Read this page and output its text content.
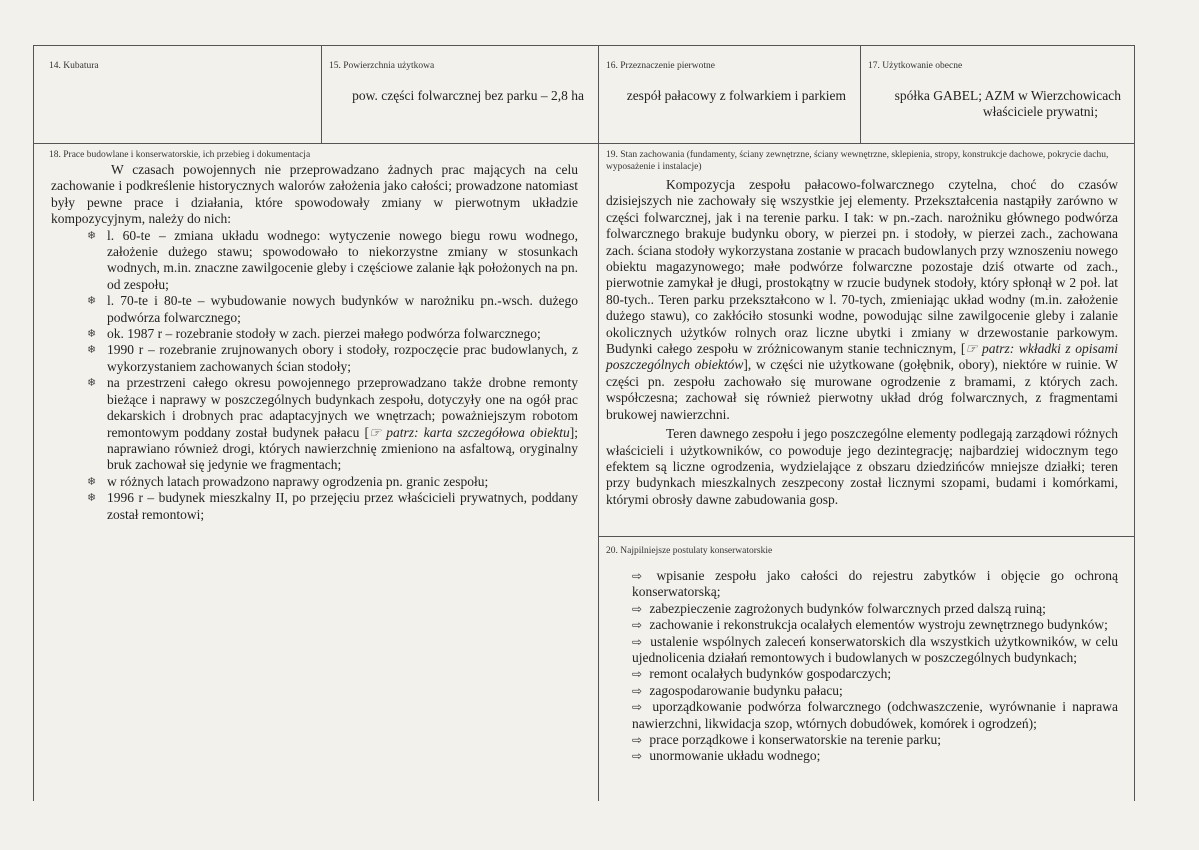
14. Kubatura	15. Powierzchnia użytkowa
pow. części folwarcznej bez parku – 2,8 ha
16. Przeznaczenie pierwotne
zespół pałacowy z folwarkiem i parkiem
17. Użytkowanie obecne
spółka GABEL; AZM w Wierzchowicach
właściciele prywatni;
18. Prace budowlane i konserwatorskie, ich przebieg i dokumentacja

W czasach powojennych nie przeprowadzano żadnych prac mających na celu zachowanie i podkreślenie historycznych walorów założenia jako całości; prowadzone natomiast były pewne prace i działania, które spowodowały zmiany w pierwotnym układzie kompozycyjnym, należy do nich:

❄ l. 60-te – zmiana układu wodnego: wytyczenie nowego biegu rowu wodnego, założenie dużego stawu; spowodowało to niekorzystne zmiany w stosunkach wodnych, m.in. znaczne zawilgocenie gleby i częściowe zalanie łąk położonych na pn. od zespołu;
❄ l. 70-te i 80-te – wybudowanie nowych budynków w narożniku pn.-wsch. dużego podwórza folwarcznego;
❄ ok. 1987 r – rozebranie stodoły w zach. pierzei małego podwórza folwarcznego;
❄ 1990 r – rozebranie zrujnowanych obory i stodoły, rozpoczęcie prac budowlanych, z wykorzystaniem zachowanych ścian stodoły;
❄ na przestrzeni całego okresu powojennego przeprowadzano także drobne remonty bieżące i naprawy w poszczególnych budynkach zespołu, dotyczyły one na ogół prac dekarskich i drobnych prac adaptacyjnych we wnętrzach; poważniejszym robotom remontowym poddany został budynek pałacu [☞ patrz: karta szczegółowa obiektu]; naprawiano również drogi, których nawierzchnię zmieniono na asfaltową, oryginalny bruk zachował się jedynie we fragmentach;
❄ w różnych latach prowadzono naprawy ogrodzenia pn. granic zespołu;
❄ 1996 r – budynek mieszkalny II, po przejęciu przez właścicieli prywatnych, poddany został remontowi;
19. Stan zachowania (fundamenty, ściany zewnętrzne, ściany wewnętrzne, sklepienia, stropy, konstrukcje dachowe, pokrycie dachu, wyposażenie i instalacje)

Kompozycja zespołu pałacowo-folwarcznego czytelna, choć do czasów dzisiejszych nie zachowały się wszystkie jej elementy. Przekształcenia nastąpiły zarówno w części folwarcznej, jak i na terenie parku. I tak: w pn.-zach. narożniku głównego podwórza folwarcznego brakuje budynku obory, w pierzei pn. i stodoły, w pierzei zach., zachowana zach. ściana stodoły wykorzystana zostanie w pracach budowlanych przy wznoszeniu nowego obiektu magazynowego; małe podwórze folwarczne pozostaje dziś otwarte od zach., pierwotnie zamykał je długi, prostokątny w rzucie budynek stodoły, który spłonął w 2 poł. lat 80-tych.. Teren parku przekształcono w l. 70-tych, zmieniając układ wodny (m.in. założenie dużego stawu), co zakłóciło stosunki wodne, powodując silne zawilgocenie gleby i zalanie okolicznych użytków rolnych oraz liczne ubytki i zmiany w drzewostanie parkowym. Budynki całego zespołu w zróżnicowanym stanie technicznym, [☞ patrz: wkładki z opisami poszczególnych obiektów], w części nie użytkowane (gołębnik, obory), niektóre w ruinie. W części pn. zespołu zachowało się murowane ogrodzenie z bramami, z których zach. współczesna; zachował się również pierwotny układ dróg folwarcznych, z fragmentami brukowej nawierzchni.

Teren dawnego zespołu i jego poszczególne elementy podlegają zarządowi różnych właścicieli i użytkowników, co powoduje jego dezintegrację; najbardziej widocznym tego efektem są liczne ogrodzenia, wydzielające z obszaru dziedzińców mniejsze działki; teren przy budynkach mieszkalnych zeszpecony został licznymi szopami, budami i komórkami, którymi obrosły dawne zabudowania gosp.

20. Najpilniejsze postulaty konserwatorskie
⇨ wpisanie zespołu jako całości do rejestru zabytków i objęcie go ochroną konserwatorską;
⇨ zabezpieczenie zagrożonych budynków folwarcznych przed dalszą ruiną;
⇨ zachowanie i rekonstrukcja ocalałych elementów wystroju zewnętrznego budynków;
⇨ ustalenie wspólnych zaleceń konserwatorskich dla wszystkich użytkowników, w celu ujednolicenia działań remontowych i budowlanych w poszczególnych budynkach;
⇨ remont ocalałych budynków gospodarczych;
⇨ zagospodarowanie budynku pałacu;
⇨ uporządkowanie podwórza folwarcznego (odchwaszczenie, wyrównanie i naprawa nawierzchni, likwidacja szop, wtórnych dobudówek, komórek i ogrodzeń);
⇨ prace porządkowe i konserwatorskie na terenie parku;
⇨ unormowanie układu wodnego;
